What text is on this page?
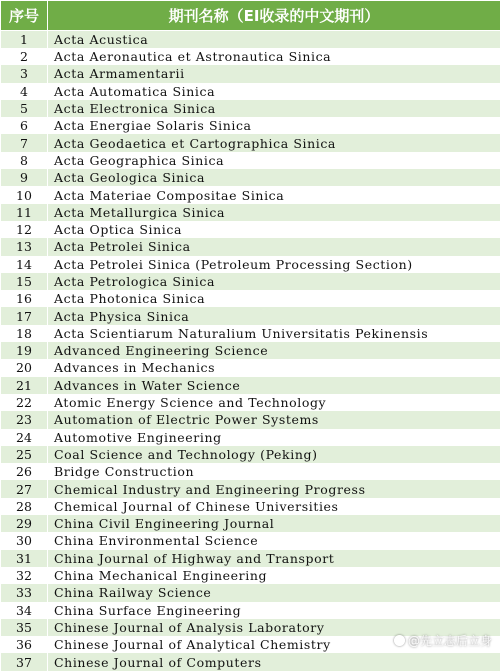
序号	期刊名称（EI收录的中文期刊）
1	Acta Acustica
2	Acta Aeronautica et Astronautica Sinica
3	Acta Armamentarii
4	Acta Automatica Sinica
5	Acta Electronica Sinica
6	Acta Energiae Solaris Sinica
7	Acta Geodaetica et Cartographica Sinica
8	Acta Geographica Sinica
9	Acta Geologica Sinica
10	Acta Materiae Compositae Sinica
11	Acta Metallurgica Sinica
12	Acta Optica Sinica
13	Acta Petrolei Sinica
14	Acta Petrolei Sinica (Petroleum Processing Section)
15	Acta Petrologica Sinica
16	Acta Photonica Sinica
17	Acta Physica Sinica
18	Acta Scientiarum Naturalium Universitatis Pekinensis
19	Advanced Engineering Science
20	Advances in Mechanics
21	Advances in Water Science
22	Atomic Energy Science and Technology
23	Automation of Electric Power Systems
24	Automotive Engineering
25	Coal Science and Technology (Peking)
26	Bridge Construction
27	Chemical Industry and Engineering Progress
28	Chemical Journal of Chinese Universities
29	China Civil Engineering Journal
30	China Environmental Science
31	China Journal of Highway and Transport
32	China Mechanical Engineering
33	China Railway Science
34	China Surface Engineering
35	Chinese Journal of Analysis Laboratory
36	Chinese Journal of Analytical Chemistry
37	Chinese Journal of Computers
@先立志后立身
